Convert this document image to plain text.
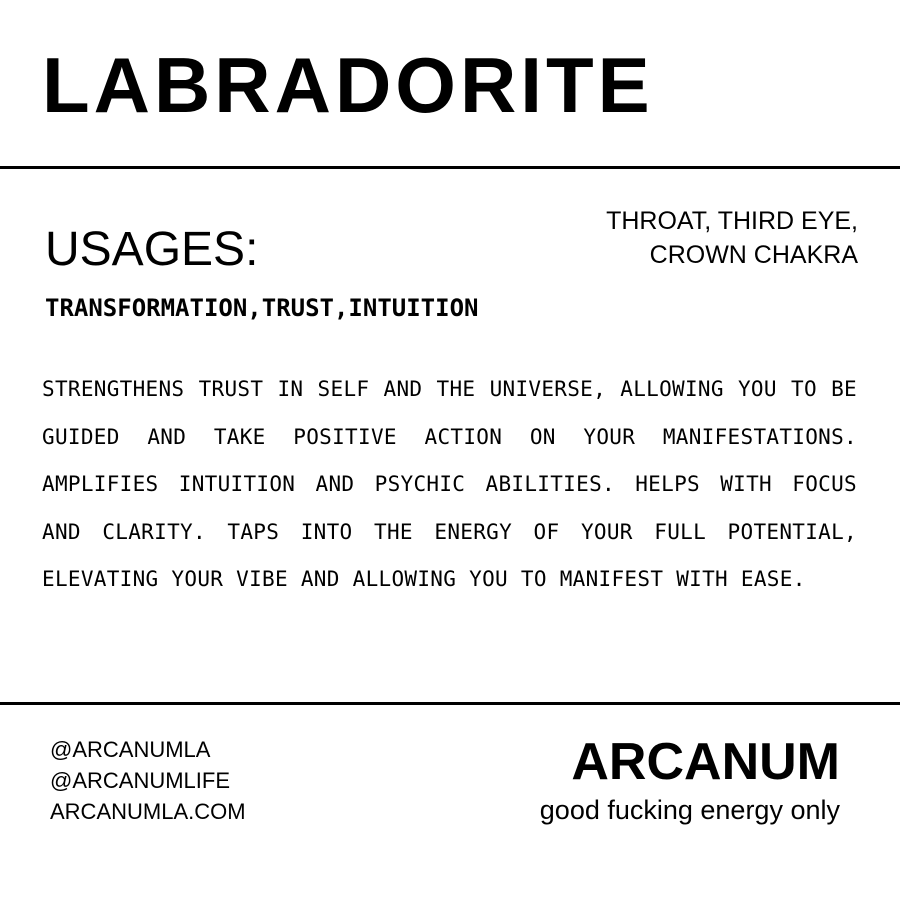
LABRADORITE
USAGES:
THROAT, THIRD EYE,
CROWN CHAKRA
TRANSFORMATION,TRUST,INTUITION

STRENGTHENS TRUST IN SELF AND THE UNIVERSE, ALLOWING YOU TO BE GUIDED AND TAKE POSITIVE ACTION ON YOUR MANIFESTATIONS. AMPLIFIES INTUITION AND PSYCHIC ABILITIES. HELPS WITH FOCUS AND CLARITY. TAPS INTO THE ENERGY OF YOUR FULL POTENTIAL, ELEVATING YOUR VIBE AND ALLOWING YOU TO MANIFEST WITH EASE.

@ARCANUMLA
@ARCANUMLIFE
ARCANUMLA.COM
ARCANUM
good fucking energy only
